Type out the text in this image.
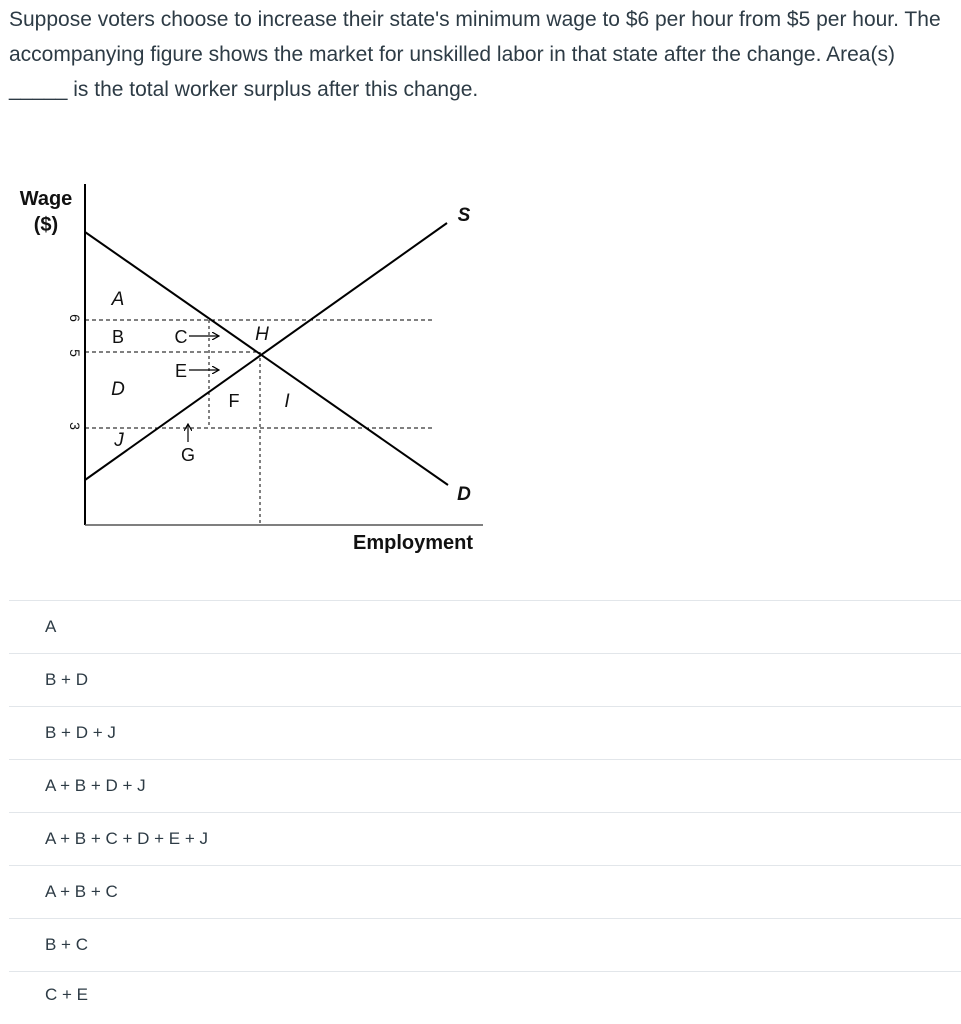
Suppose voters choose to increase their state's minimum wage to $6 per hour from $5 per hour. The accompanying figure shows the market for unskilled labor in that state after the change. Area(s) _____ is the total worker surplus after this change.

Wage
($)
Employment
6
5
3
S
D
A
B	C	H
E
D
F I
J
G
A
B + D
B + D + J
A + B + D + J
A + B + C + D + E + J
A + B + C
B + C
C + E
